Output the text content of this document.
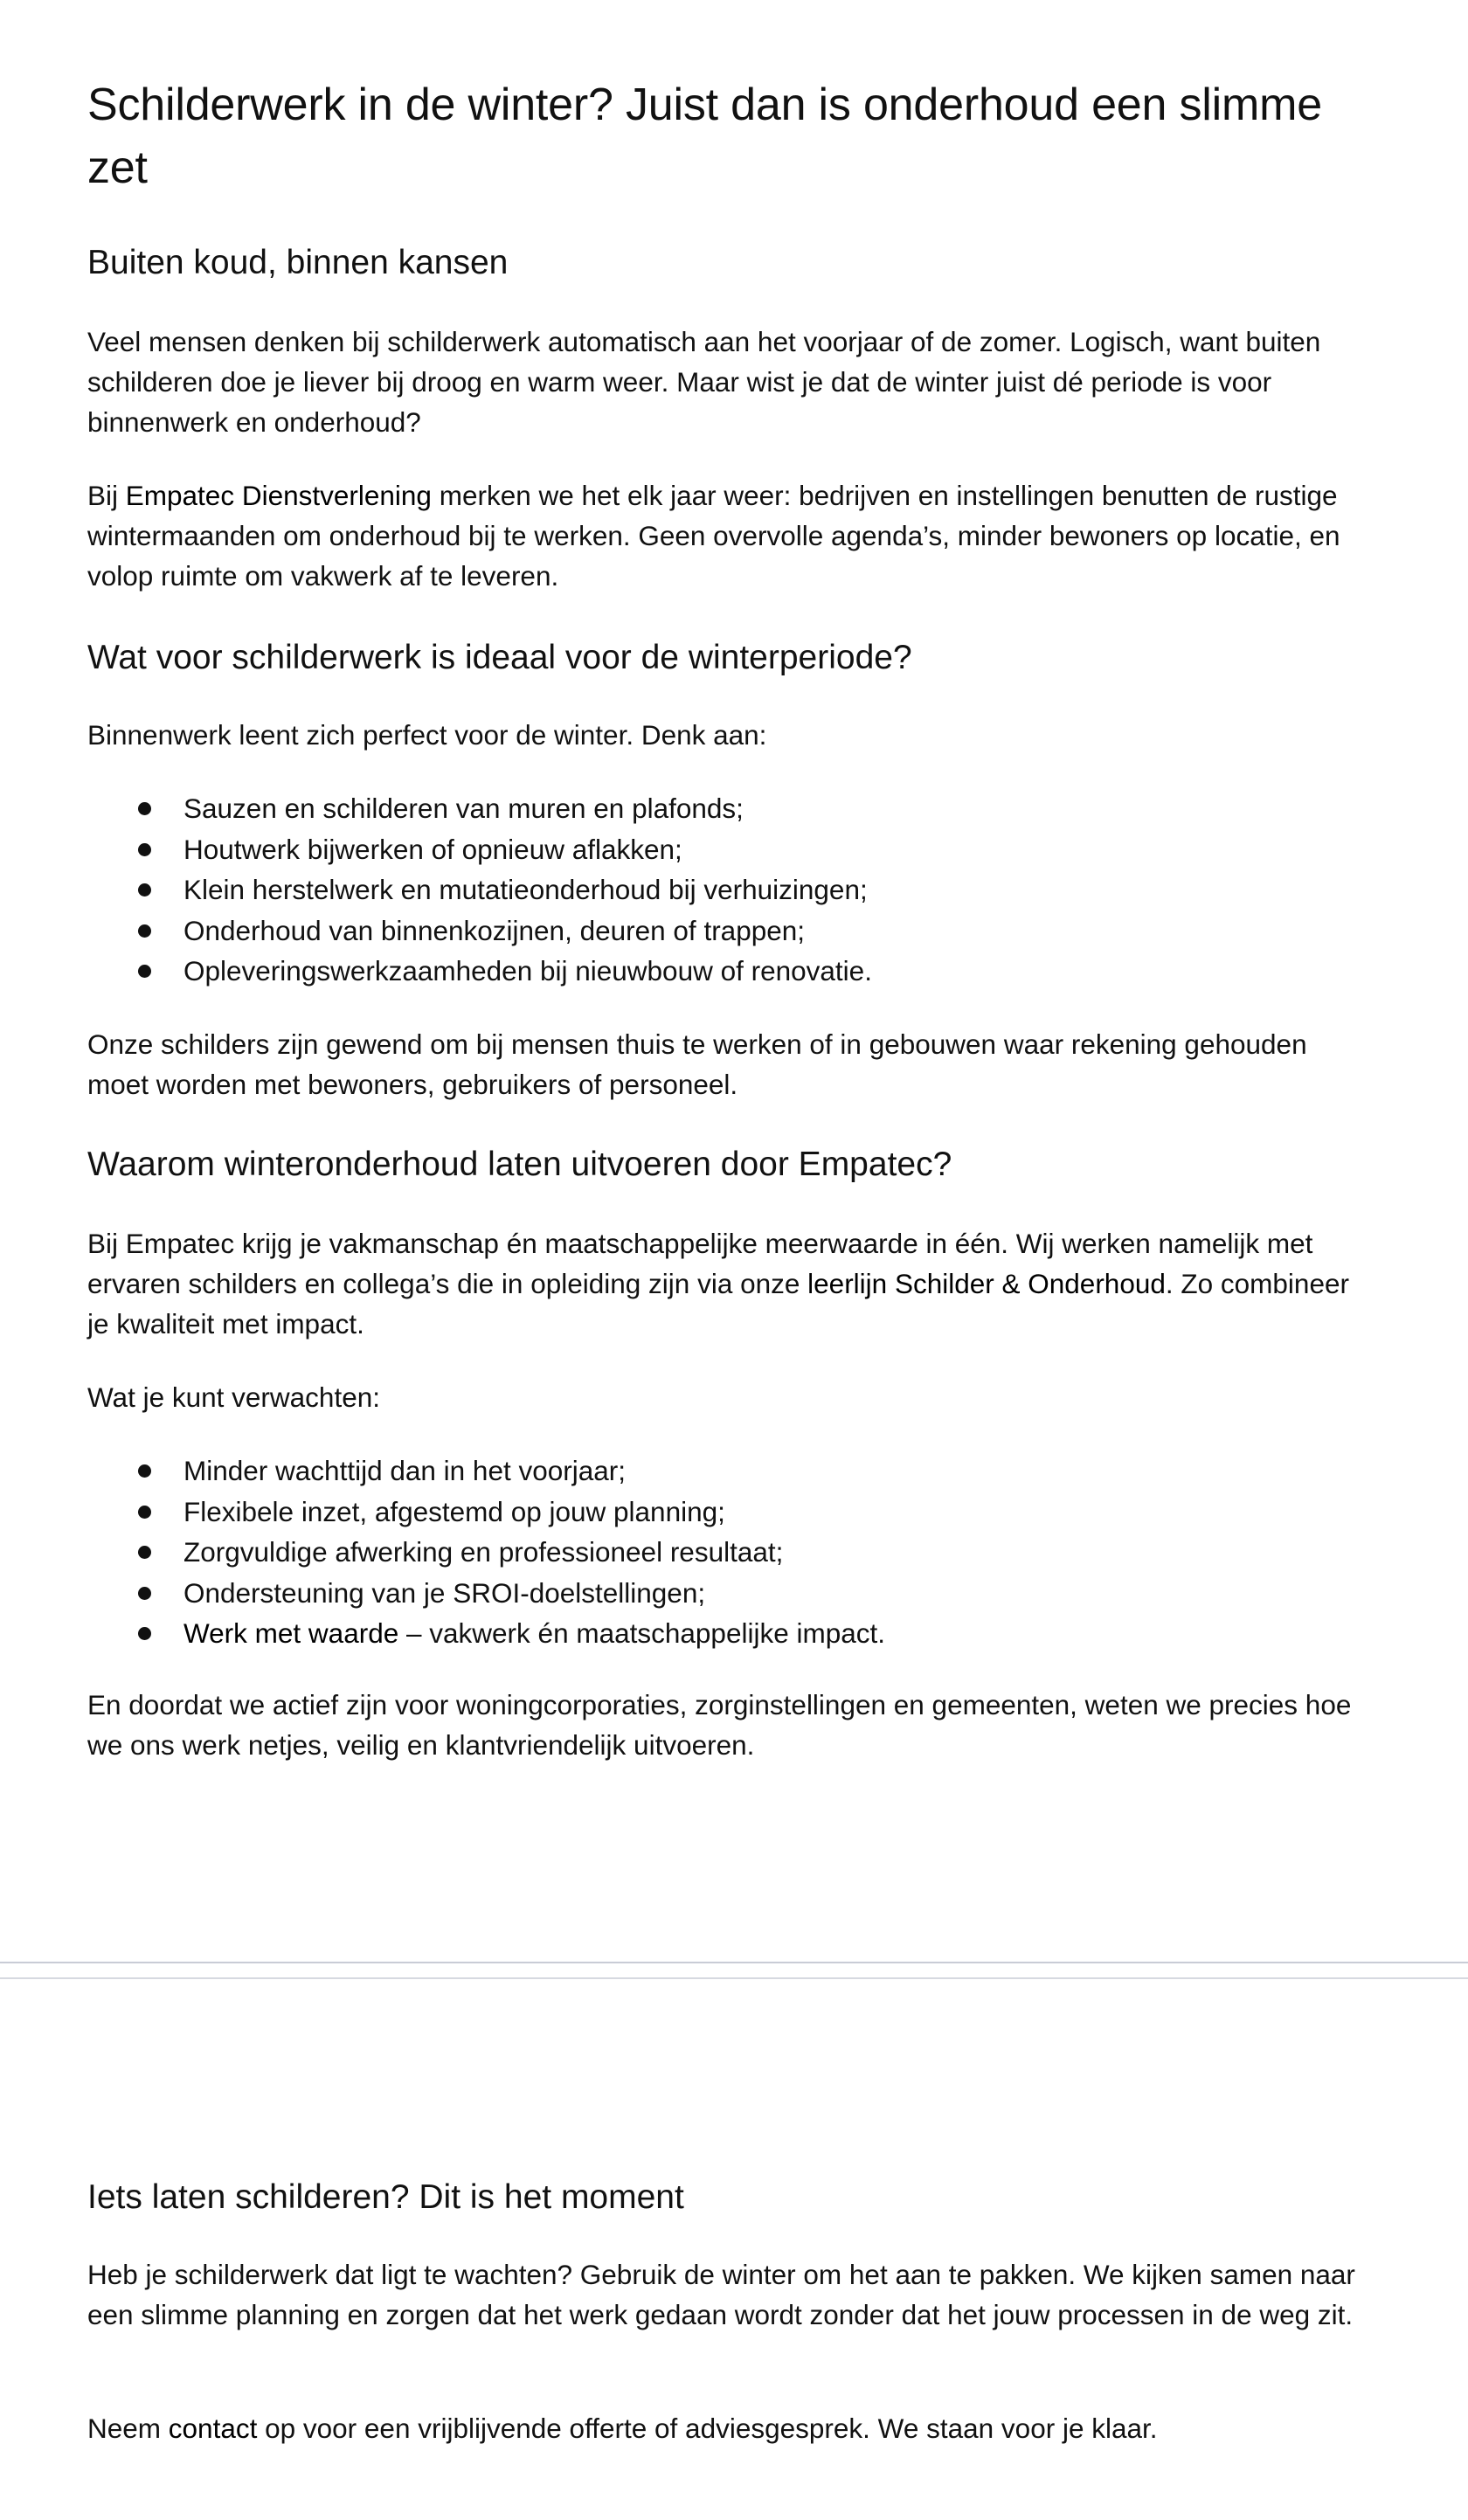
Schilderwerk in de winter? Juist dan is onderhoud een slimme zet
Buiten koud, binnen kansen

Veel mensen denken bij schilderwerk automatisch aan het voorjaar of de zomer. Logisch, want buiten schilderen doe je liever bij droog en warm weer. Maar wist je dat de winter juist dé periode is voor binnenwerk en onderhoud?

Bij Empatec Dienstverlening merken we het elk jaar weer: bedrijven en instellingen benutten de rustige wintermaanden om onderhoud bij te werken. Geen overvolle agenda’s, minder bewoners op locatie, en volop ruimte om vakwerk af te leveren.

Wat voor schilderwerk is ideaal voor de winterperiode?

Binnenwerk leent zich perfect voor de winter. Denk aan:

Sauzen en schilderen van muren en plafonds;
Houtwerk bijwerken of opnieuw aflakken;
Klein herstelwerk en mutatieonderhoud bij verhuizingen;
Onderhoud van binnenkozijnen, deuren of trappen;
Opleveringswerkzaamheden bij nieuwbouw of renovatie.

Onze schilders zijn gewend om bij mensen thuis te werken of in gebouwen waar rekening gehouden moet worden met bewoners, gebruikers of personeel.

Waarom winteronderhoud laten uitvoeren door Empatec?

Bij Empatec krijg je vakmanschap én maatschappelijke meerwaarde in één. Wij werken namelijk met ervaren schilders en collega’s die in opleiding zijn via onze leerlijn Schilder & Onderhoud. Zo combineer je kwaliteit met impact.

Wat je kunt verwachten:

Minder wachttijd dan in het voorjaar;
Flexibele inzet, afgestemd op jouw planning;
Zorgvuldige afwerking en professioneel resultaat;
Ondersteuning van je SROI-doelstellingen;
Werk met waarde – vakwerk én maatschappelijke impact.

En doordat we actief zijn voor woningcorporaties, zorginstellingen en gemeenten, weten we precies hoe we ons werk netjes, veilig en klantvriendelijk uitvoeren.

Iets laten schilderen? Dit is het moment

Heb je schilderwerk dat ligt te wachten? Gebruik de winter om het aan te pakken. We kijken samen naar een slimme planning en zorgen dat het werk gedaan wordt zonder dat het jouw processen in de weg zit.

Neem contact op voor een vrijblijvende offerte of adviesgesprek. We staan voor je klaar.
